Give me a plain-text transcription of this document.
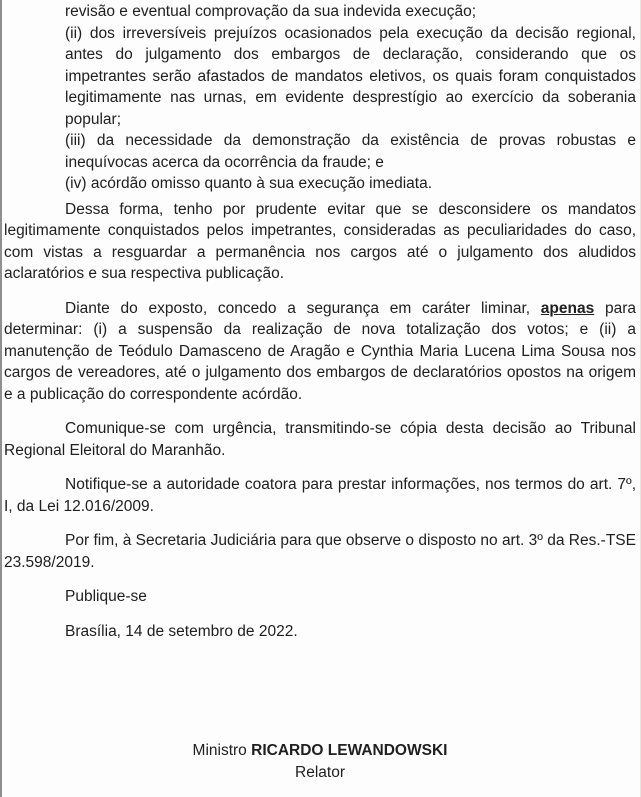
revisão e eventual comprovação da sua indevida execução;

(ii) dos irreversíveis prejuízos ocasionados pela execução da decisão regional, antes do julgamento dos embargos de declaração, considerando que os impetrantes serão afastados de mandatos eletivos, os quais foram conquistados legitimamente nas urnas, em evidente desprestígio ao exercício da soberania popular;

(iii) da necessidade da demonstração da existência de provas robustas e inequívocas acerca da ocorrência da fraude; e

(iv) acórdão omisso quanto à sua execução imediata.

Dessa forma, tenho por prudente evitar que se desconsidere os mandatos legitimamente conquistados pelos impetrantes, consideradas as peculiaridades do caso, com vistas a resguardar a permanência nos cargos até o julgamento dos aludidos aclaratórios e sua respectiva publicação.

Diante do exposto, concedo a segurança em caráter liminar, apenas para determinar: (i) a suspensão da realização de nova totalização dos votos; e (ii) a manutenção de Teódulo Damasceno de Aragão e Cynthia Maria Lucena Lima Sousa nos cargos de vereadores, até o julgamento dos embargos de declaratórios opostos na origem e a publicação do correspondente acórdão.

Comunique-se com urgência, transmitindo-se cópia desta decisão ao Tribunal Regional Eleitoral do Maranhão.

Notifique-se a autoridade coatora para prestar informações, nos termos do art. 7º, I, da Lei 12.016/2009.

Por fim, à Secretaria Judiciária para que observe o disposto no art. 3º da Res.-TSE 23.598/2019.

Publique-se

Brasília, 14 de setembro de 2022.

Ministro RICARDO LEWANDOWSKI

Relator
